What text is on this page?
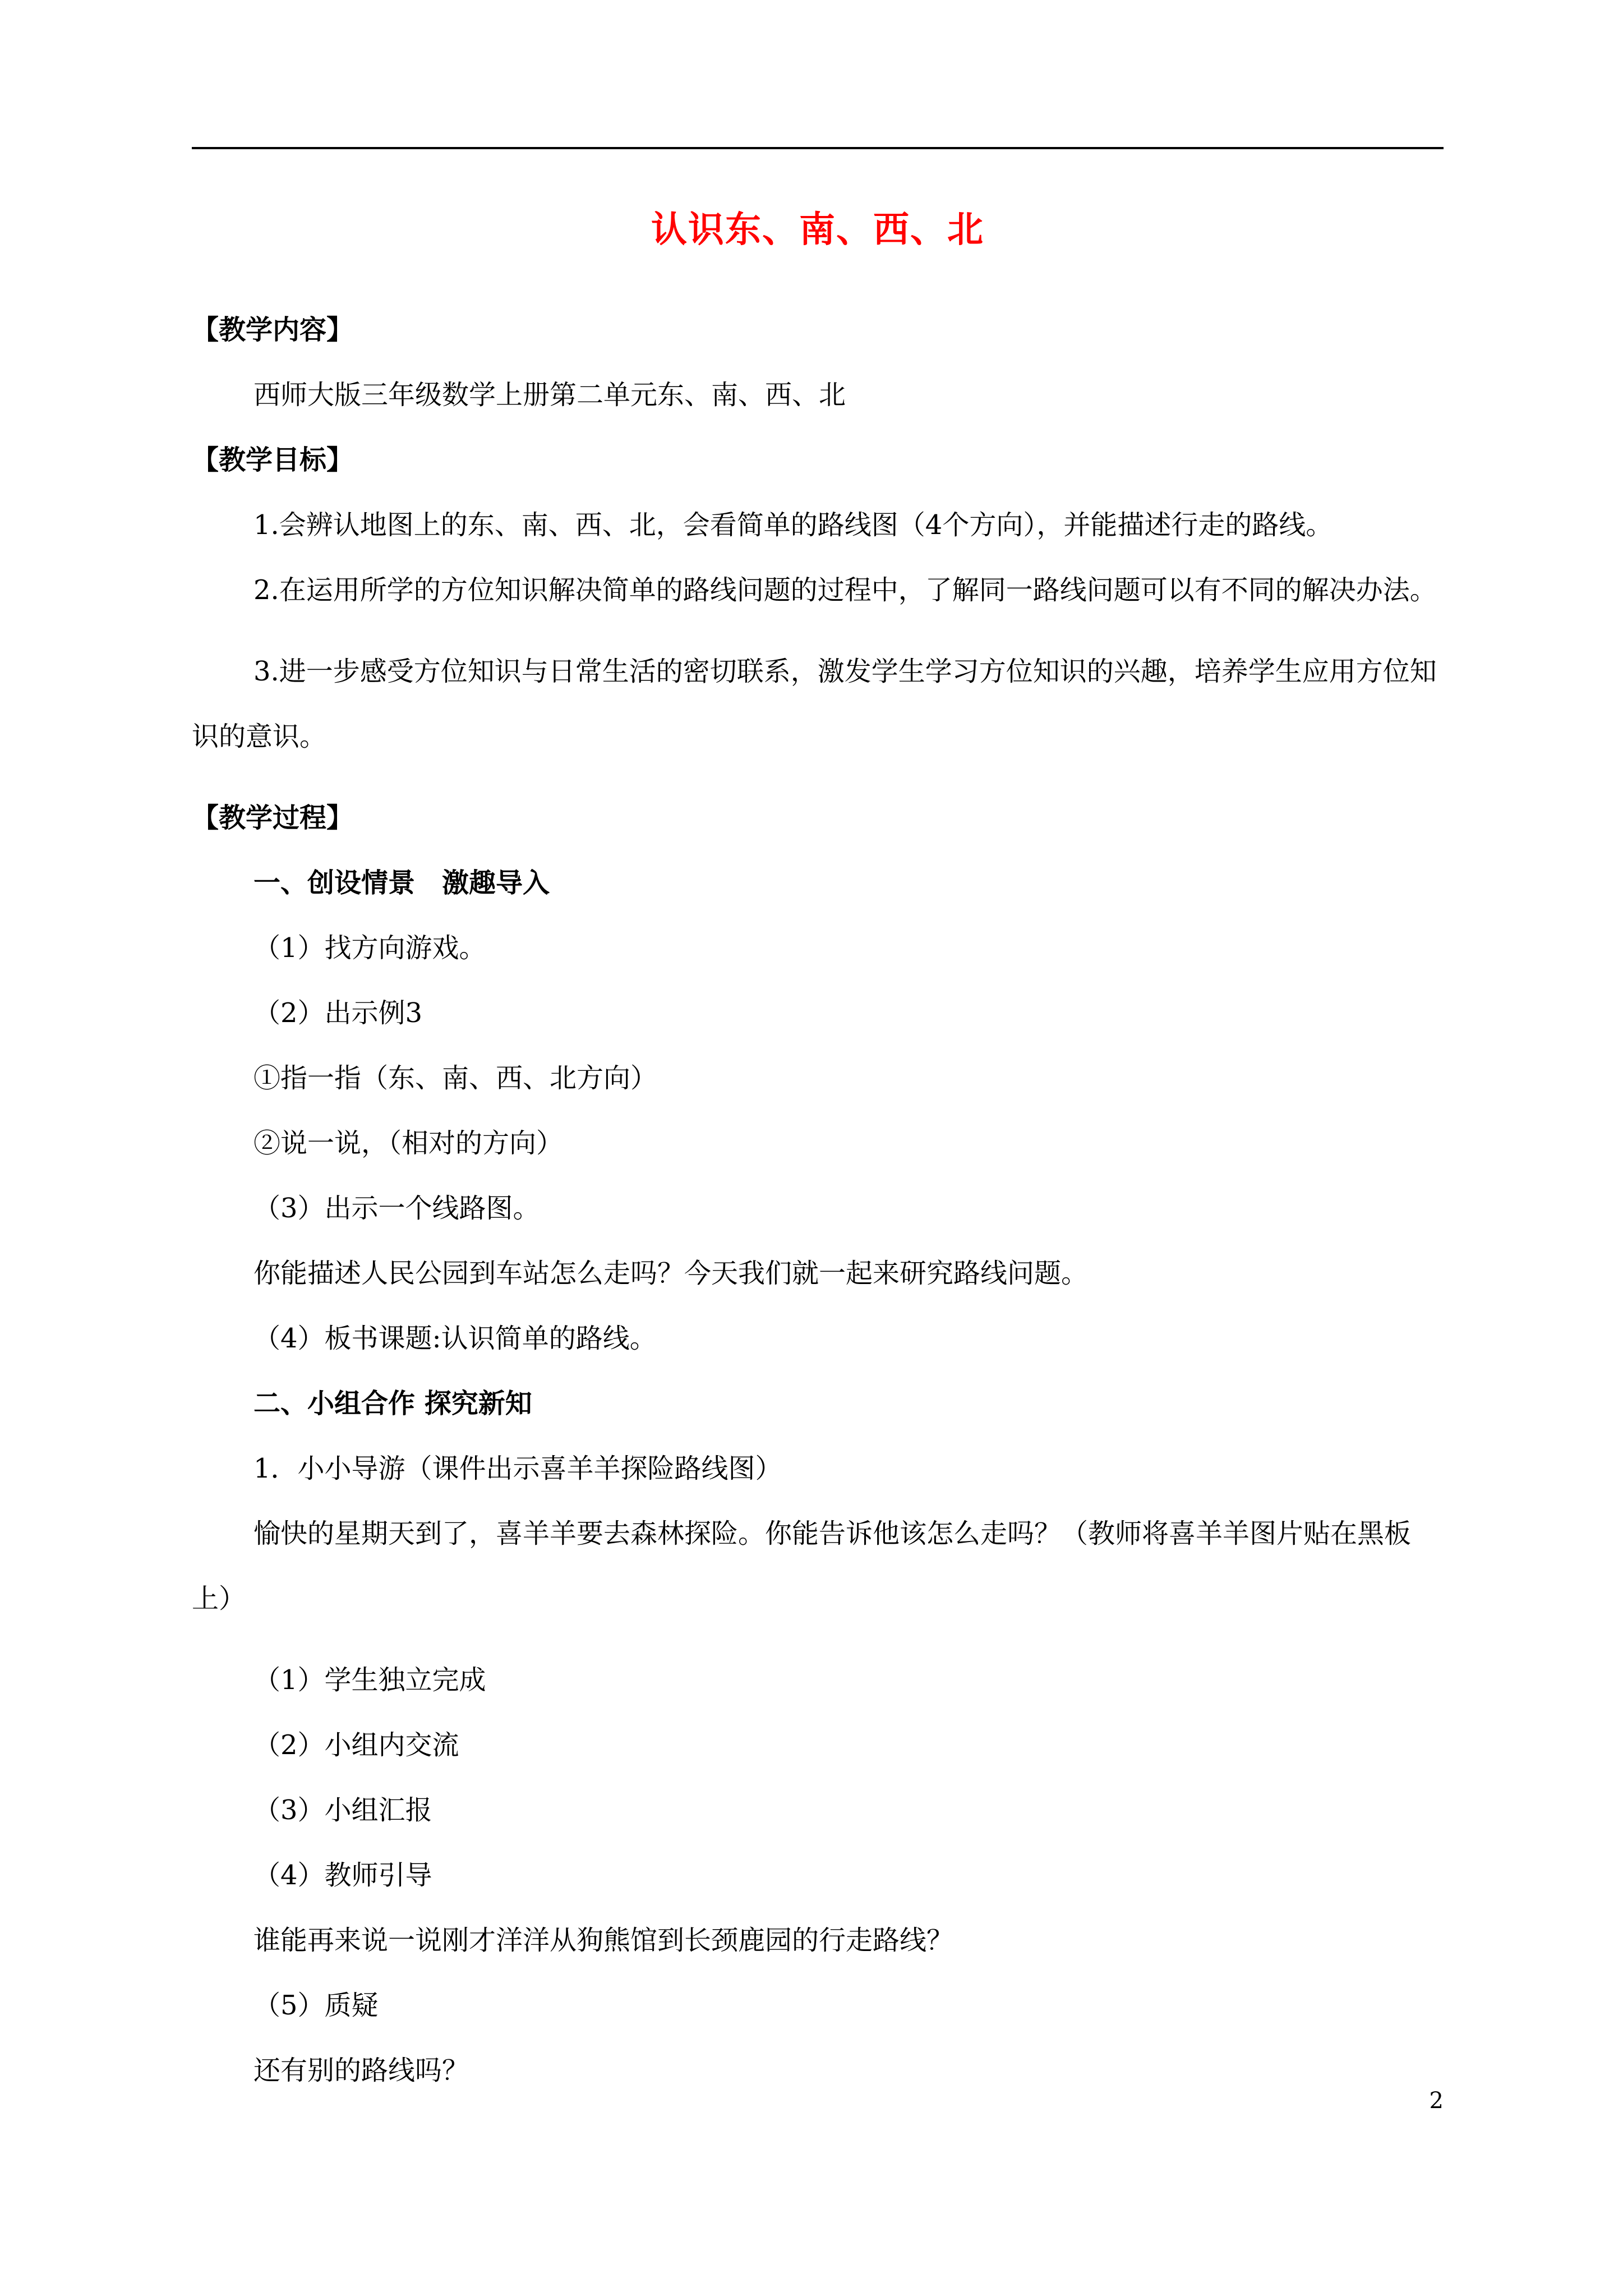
认识东、南、西、北

【教学内容】

西师大版三年级数学上册第二单元东、南、西、北

【教学目标】

1.会辨认地图上的东、南、西、北，会看简单的路线图（4个方向），并能描述行走的路线。

2.在运用所学的方位知识解决简单的路线问题的过程中，了解同一路线问题可以有不同的解决办法。

3.进一步感受方位知识与日常生活的密切联系，激发学生学习方位知识的兴趣，培养学生应用方位知识的意识。

【教学过程】

一、创设情景　激趣导入

（1）找方向游戏。

（2）出示例3

①指一指（东、南、西、北方向）

②说一说，（相对的方向）

（3）出示一个线路图。

你能描述人民公园到车站怎么走吗？今天我们就一起来研究路线问题。

（4）板书课题:认识简单的路线。

二、小组合作 探究新知

1．小小导游（课件出示喜羊羊探险路线图）

愉快的星期天到了，喜羊羊要去森林探险。你能告诉他该怎么走吗？（教师将喜羊羊图片贴在黑板上）

（1）学生独立完成

（2）小组内交流

（3）小组汇报

（4）教师引导

谁能再来说一说刚才洋洋从狗熊馆到长颈鹿园的行走路线？

（5）质疑

还有别的路线吗？

2
